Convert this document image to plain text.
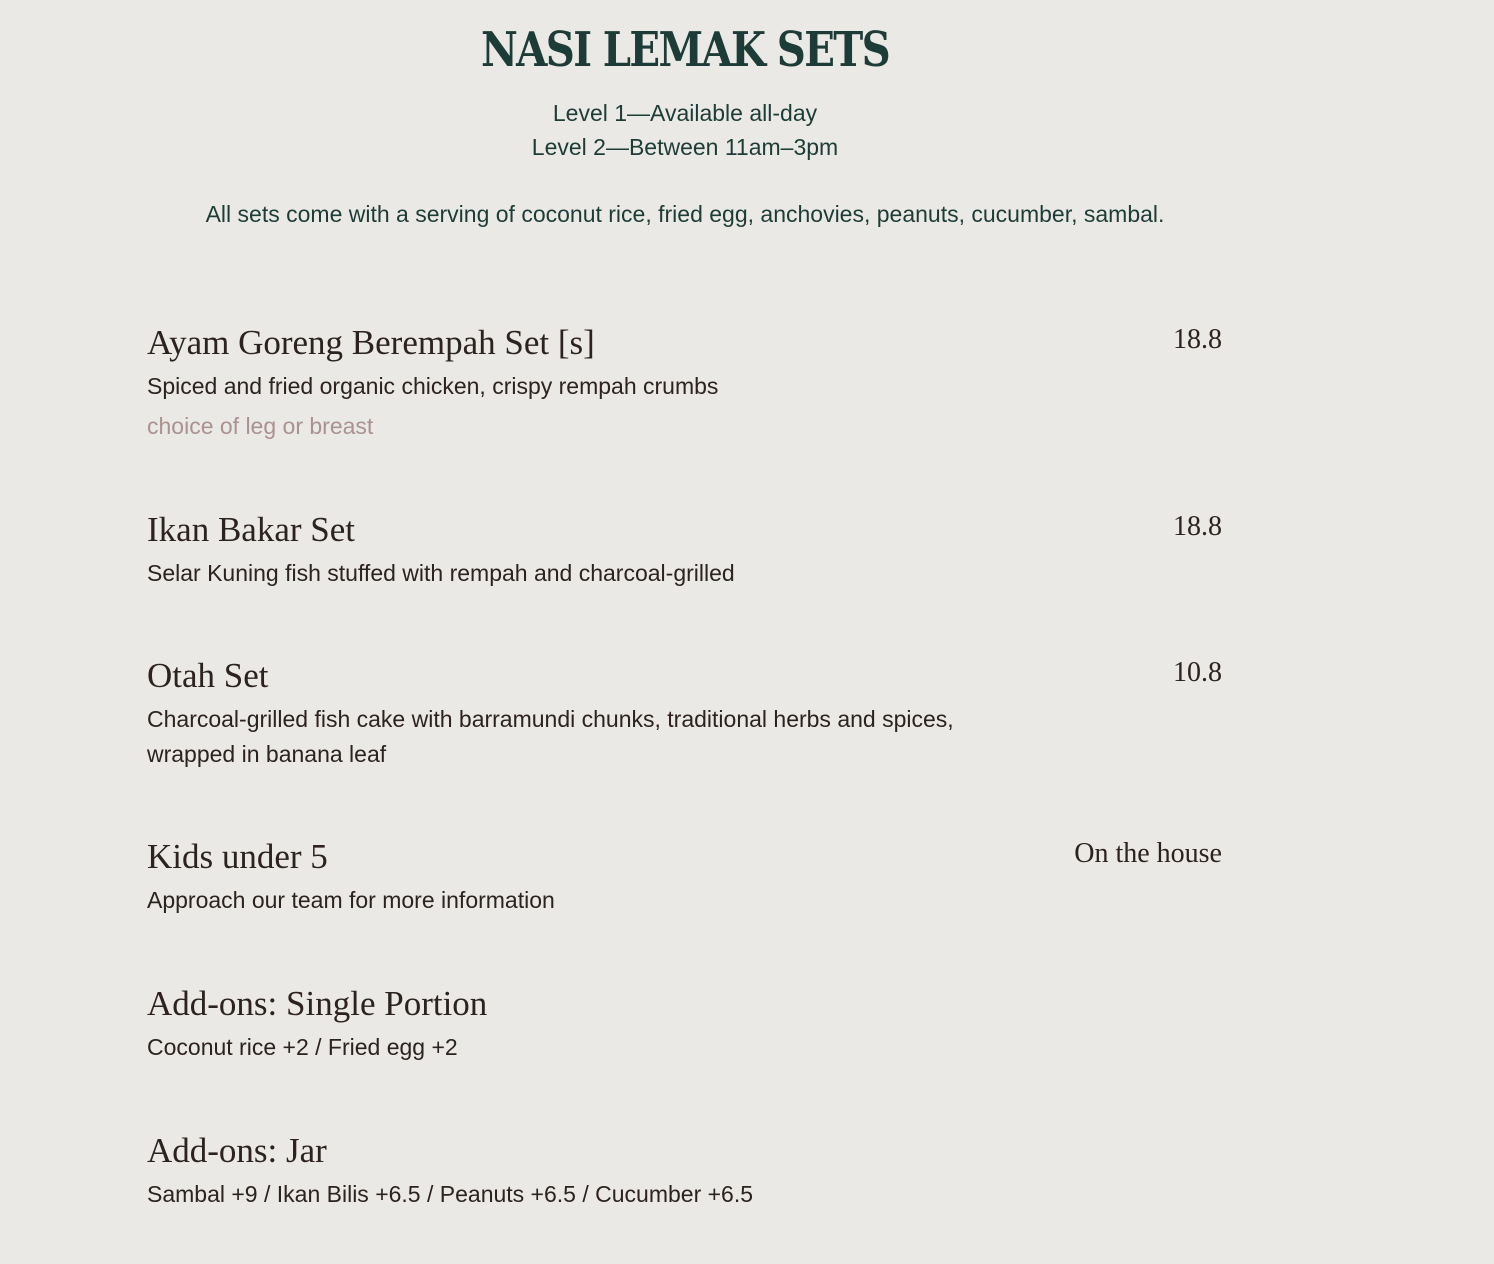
NASI LEMAK SETS
Level 1—Available all-day
Level 2—Between 11am–3pm
All sets come with a serving of coconut rice, fried egg, anchovies, peanuts, cucumber, sambal.
Ayam Goreng Berempah Set [s]	18.8
Spiced and fried organic chicken, crispy rempah crumbs
choice of leg or breast
Ikan Bakar Set	18.8
Selar Kuning fish stuffed with rempah and charcoal-grilled
Otah Set	10.8
Charcoal-grilled fish cake with barramundi chunks, traditional herbs and spices, wrapped in banana leaf
Kids under 5	On the house
Approach our team for more information
Add-ons: Single Portion
Coconut rice +2 / Fried egg +2
Add-ons: Jar
Sambal +9 / Ikan Bilis +6.5 / Peanuts +6.5 / Cucumber +6.5
